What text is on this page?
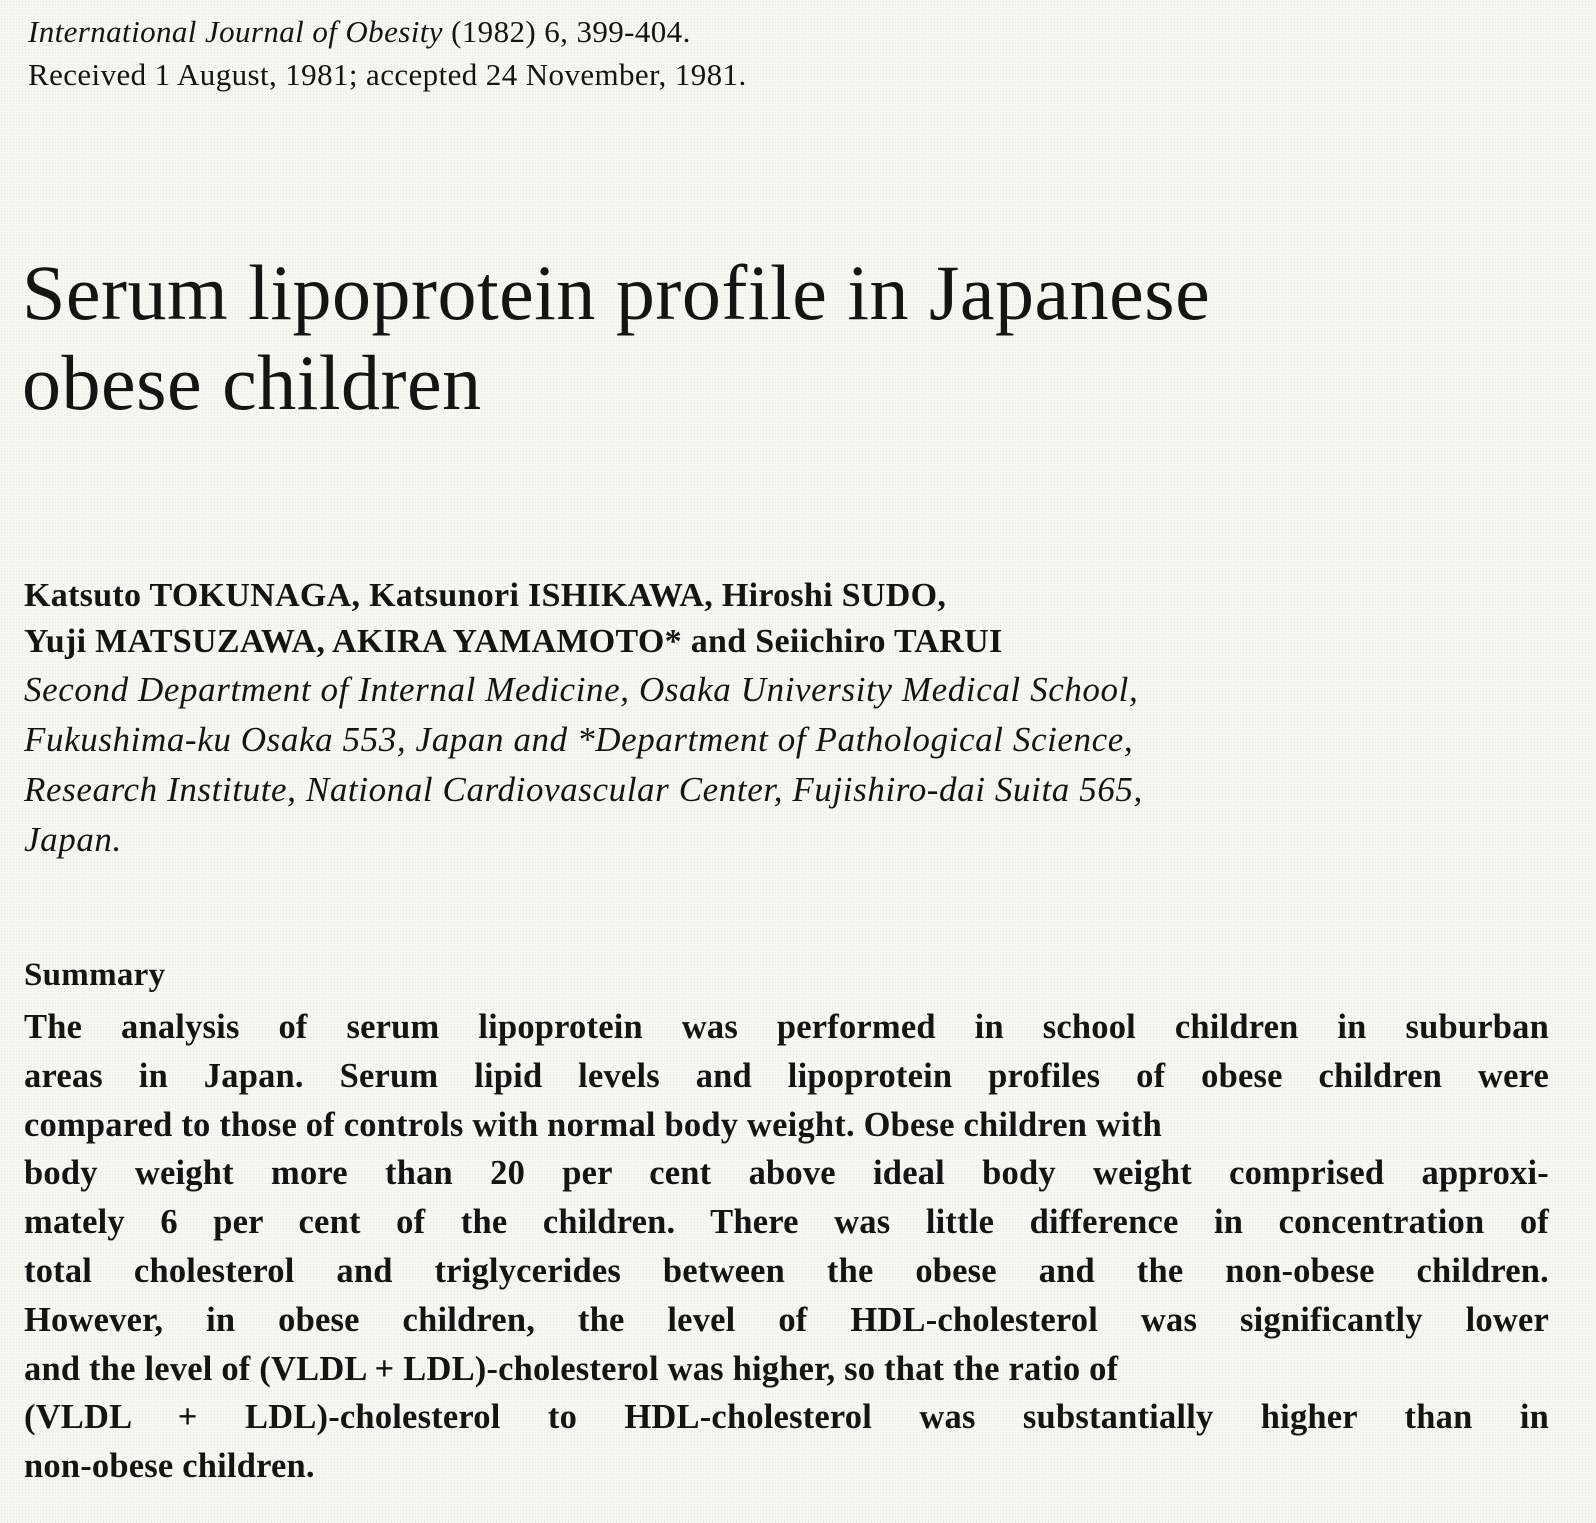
International Journal of Obesity (1982) 6, 399-404.
Received 1 August, 1981; accepted 24 November, 1981.
Serum lipoprotein profile in Japanese
obese children
Katsuto TOKUNAGA, Katsunori ISHIKAWA, Hiroshi SUDO,
Yuji MATSUZAWA, AKIRA YAMAMOTO* and Seiichiro TARUI
Second Department of Internal Medicine, Osaka University Medical School,
Fukushima-ku Osaka 553, Japan and *Department of Pathological Science,
Research Institute, National Cardiovascular Center, Fujishiro-dai Suita 565,
Japan.
Summary
The analysis of serum lipoprotein was performed in school children in suburban
areas in Japan. Serum lipid levels and lipoprotein profiles of obese children were
compared to those of controls with normal body weight. Obese children with
body weight more than 20 per cent above ideal body weight comprised approxi-
mately 6 per cent of the children. There was little difference in concentration of
total cholesterol and triglycerides between the obese and the non-obese children.
However, in obese children, the level of HDL-cholesterol was significantly lower
and the level of (VLDL + LDL)-cholesterol was higher, so that the ratio of
(VLDL + LDL)-cholesterol to HDL-cholesterol was substantially higher than in
non-obese children.
